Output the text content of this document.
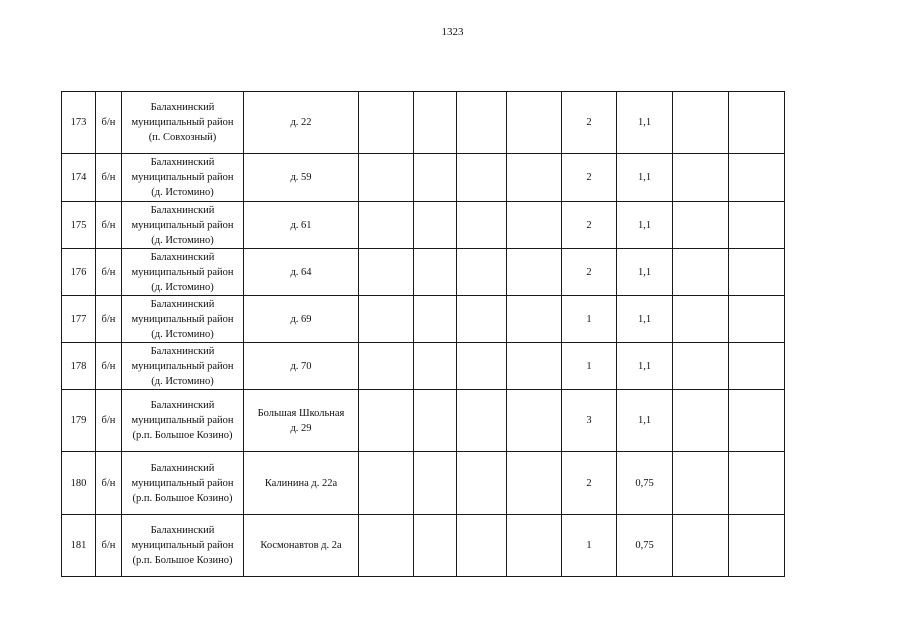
1323
173	б/н	Балахнинский
муниципальный район
(п. Совхозный)	д. 22					2	1,1		
174	б/н	Балахнинский
муниципальный район
(д. Истомино)	д. 59					2	1,1		
175	б/н	Балахнинский
муниципальный район
(д. Истомино)	д. 61					2	1,1		
176	б/н	Балахнинский
муниципальный район
(д. Истомино)	д. 64					2	1,1		
177	б/н	Балахнинский
муниципальный район
(д. Истомино)	д. 69					1	1,1		
178	б/н	Балахнинский
муниципальный район
(д. Истомино)	д. 70					1	1,1		
179	б/н	Балахнинский
муниципальный район
(р.п. Большое Козино)	Большая Школьная
д. 29					3	1,1		
180	б/н	Балахнинский
муниципальный район
(р.п. Большое Козино)	Калинина д. 22а					2	0,75		
181	б/н	Балахнинский
муниципальный район
(р.п. Большое Козино)	Космонавтов д. 2а					1	0,75		
